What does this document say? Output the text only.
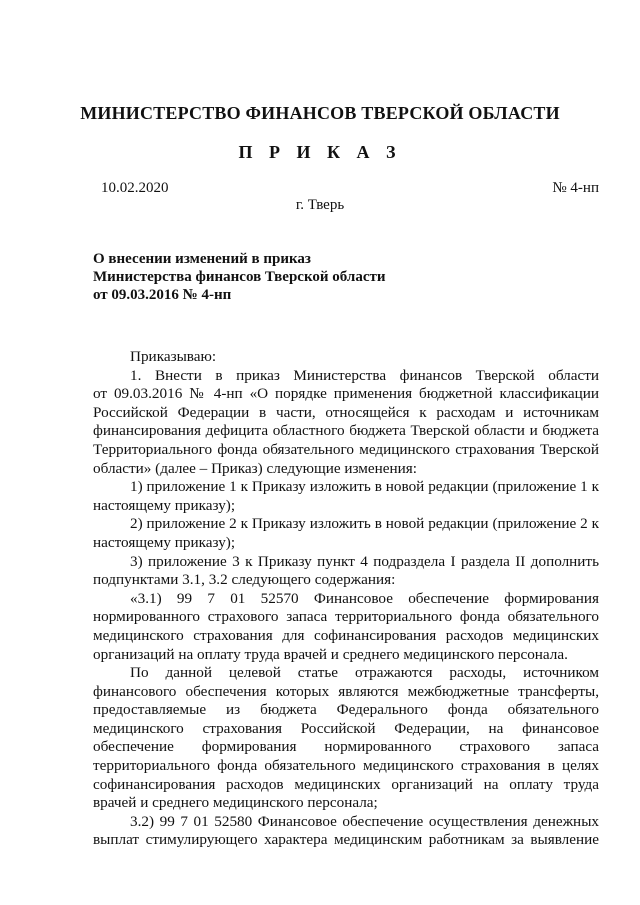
МИНИСТЕРСТВО ФИНАНСОВ ТВЕРСКОЙ ОБЛАСТИ
П Р И К А З
10.02.2020	№ 4-нп
г. Тверь
О внесении изменений в приказ
Министерства финансов Тверской области
от 09.03.2016 № 4-нп
Приказываю:
1. Внести в приказ Министерства финансов Тверской области
от 09.03.2016 № 4-нп «О порядке применения бюджетной классификации
Российской Федерации в части, относящейся к расходам и источникам
финансирования дефицита областного бюджета Тверской области и бюджета
Территориального фонда обязательного медицинского страхования Тверской
области» (далее – Приказ) следующие изменения:
1) приложение 1 к Приказу изложить в новой редакции (приложение 1 к
настоящему приказу);
2) приложение 2 к Приказу изложить в новой редакции (приложение 2 к
настоящему приказу);
3) приложение 3 к Приказу пункт 4 подраздела I раздела II дополнить
подпунктами 3.1, 3.2 следующего содержания:
«3.1) 99 7 01 52570 Финансовое обеспечение формирования
нормированного страхового запаса территориального фонда обязательного
медицинского страхования для софинансирования расходов медицинских
организаций на оплату труда врачей и среднего медицинского персонала.
По данной целевой статье отражаются расходы, источником
финансового обеспечения которых являются межбюджетные трансферты,
предоставляемые из бюджета Федерального фонда обязательного
медицинского страхования Российской Федерации, на финансовое
обеспечение формирования нормированного страхового запаса
территориального фонда обязательного медицинского страхования в целях
софинансирования расходов медицинских организаций на оплату труда
врачей и среднего медицинского персонала;
3.2) 99 7 01 52580 Финансовое обеспечение осуществления денежных
выплат стимулирующего характера медицинским работникам за выявление
